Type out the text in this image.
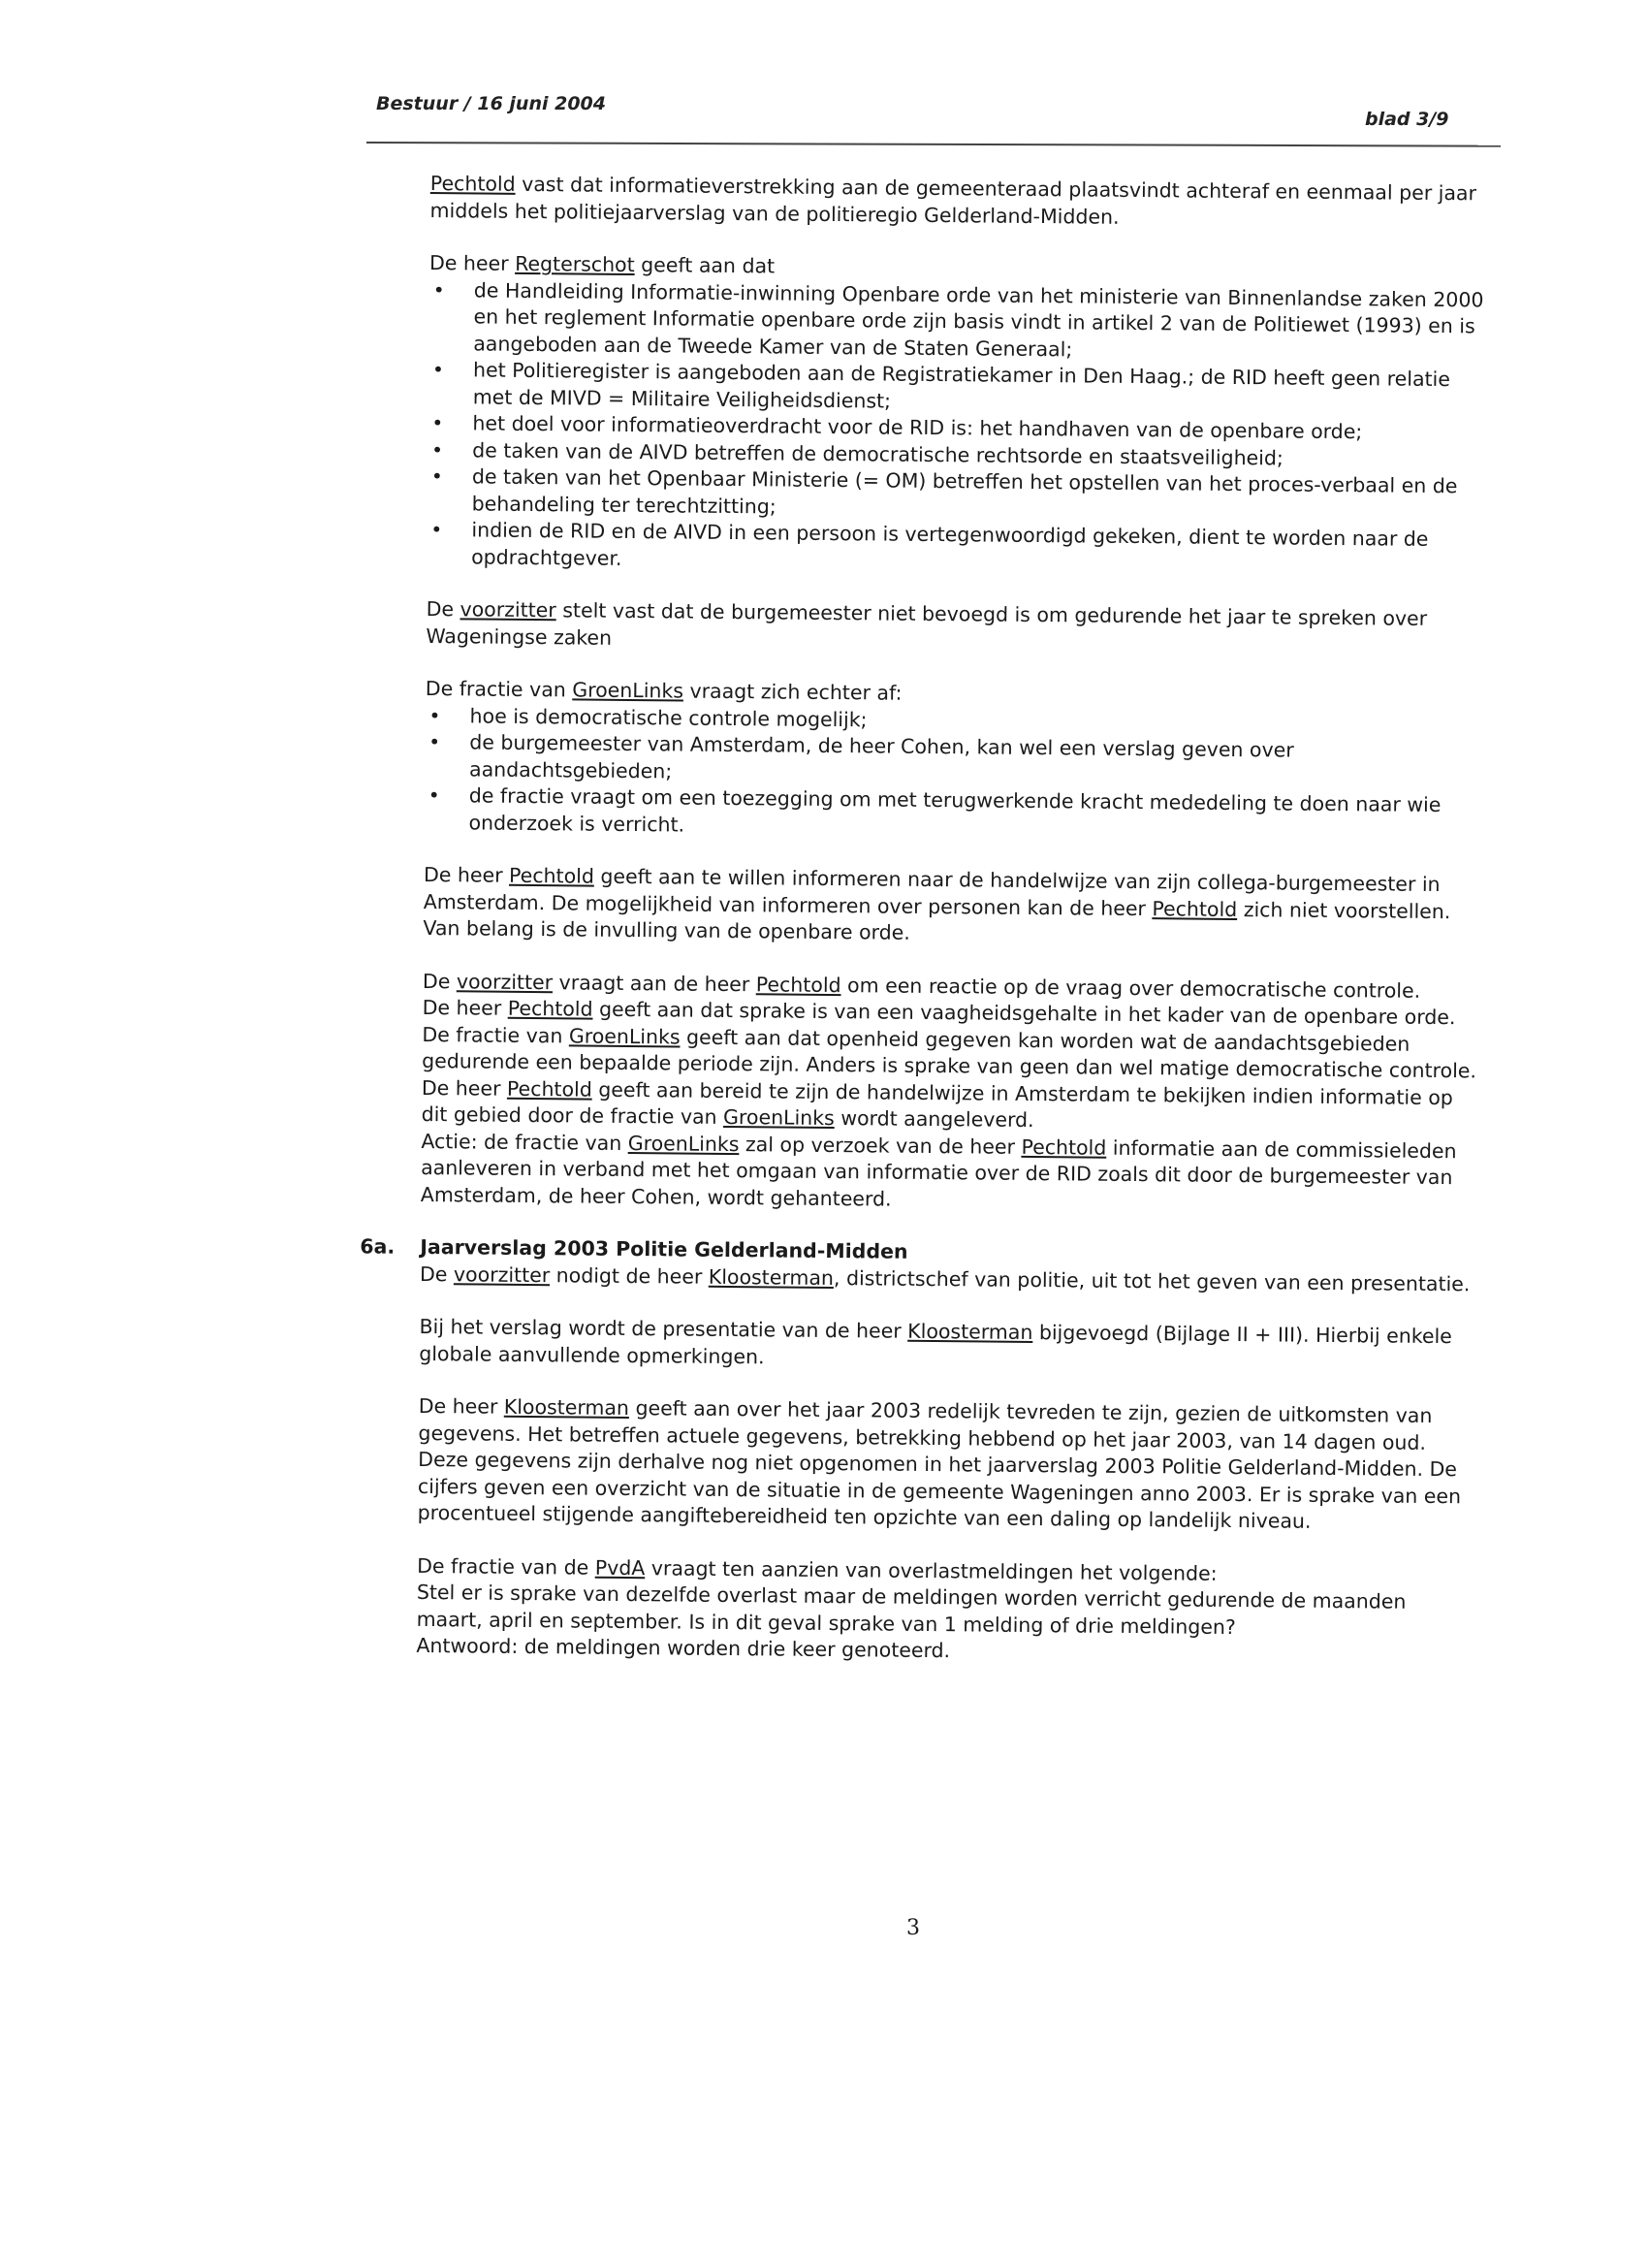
Bestuur / 16 juni 2004
blad 3/9

Pechtold vast dat informatieverstrekking aan de gemeenteraad plaatsvindt achteraf en eenmaal per jaar middels het politiejaarverslag van de politieregio Gelderland-Midden.

De heer Regterschot geeft aan dat

• de Handleiding Informatie-inwinning Openbare orde van het ministerie van Binnenlandse zaken 2000 en het reglement Informatie openbare orde zijn basis vindt in artikel 2 van de Politiewet (1993) en is aangeboden aan de Tweede Kamer van de Staten Generaal;
• het Politieregister is aangeboden aan de Registratiekamer in Den Haag.; de RID heeft geen relatie met de MIVD = Militaire Veiligheidsdienst;
• het doel voor informatieoverdracht voor de RID is: het handhaven van de openbare orde;
• de taken van de AIVD betreffen de democratische rechtsorde en staatsveiligheid;
• de taken van het Openbaar Ministerie (= OM) betreffen het opstellen van het proces-verbaal en de behandeling ter terechtzitting;
• indien de RID en de AIVD in een persoon is vertegenwoordigd gekeken, dient te worden naar de opdrachtgever.

De voorzitter stelt vast dat de burgemeester niet bevoegd is om gedurende het jaar te spreken over Wageningse zaken

De fractie van GroenLinks vraagt zich echter af:

• hoe is democratische controle mogelijk;
• de burgemeester van Amsterdam, de heer Cohen, kan wel een verslag geven over aandachtsgebieden;
• de fractie vraagt om een toezegging om met terugwerkende kracht mededeling te doen naar wie onderzoek is verricht.

De heer Pechtold geeft aan te willen informeren naar de handelwijze van zijn collega-burgemeester in Amsterdam. De mogelijkheid van informeren over personen kan de heer Pechtold zich niet voorstellen. Van belang is de invulling van de openbare orde.

De voorzitter vraagt aan de heer Pechtold om een reactie op de vraag over democratische controle.
De heer Pechtold geeft aan dat sprake is van een vaagheidsgehalte in het kader van de openbare orde.
De fractie van GroenLinks geeft aan dat openheid gegeven kan worden wat de aandachtsgebieden gedurende een bepaalde periode zijn. Anders is sprake van geen dan wel matige democratische controle.
De heer Pechtold geeft aan bereid te zijn de handelwijze in Amsterdam te bekijken indien informatie op dit gebied door de fractie van GroenLinks wordt aangeleverd.
Actie: de fractie van GroenLinks zal op verzoek van de heer Pechtold informatie aan de commissieleden aanleveren in verband met het omgaan van informatie over de RID zoals dit door de burgemeester van Amsterdam, de heer Cohen, wordt gehanteerd.

6a. Jaarverslag 2003 Politie Gelderland-Midden

De voorzitter nodigt de heer Kloosterman, districtschef van politie, uit tot het geven van een presentatie.

Bij het verslag wordt de presentatie van de heer Kloosterman bijgevoegd (Bijlage II + III). Hierbij enkele globale aanvullende opmerkingen.

De heer Kloosterman geeft aan over het jaar 2003 redelijk tevreden te zijn, gezien de uitkomsten van gegevens. Het betreffen actuele gegevens, betrekking hebbend op het jaar 2003, van 14 dagen oud. Deze gegevens zijn derhalve nog niet opgenomen in het jaarverslag 2003 Politie Gelderland-Midden. De cijfers geven een overzicht van de situatie in de gemeente Wageningen anno 2003. Er is sprake van een procentueel stijgende aangiftebereidheid ten opzichte van een daling op landelijk niveau.

De fractie van de PvdA vraagt ten aanzien van overlastmeldingen het volgende:
Stel er is sprake van dezelfde overlast maar de meldingen worden verricht gedurende de maanden maart, april en september. Is in dit geval sprake van 1 melding of drie meldingen?
Antwoord: de meldingen worden drie keer genoteerd.

3
